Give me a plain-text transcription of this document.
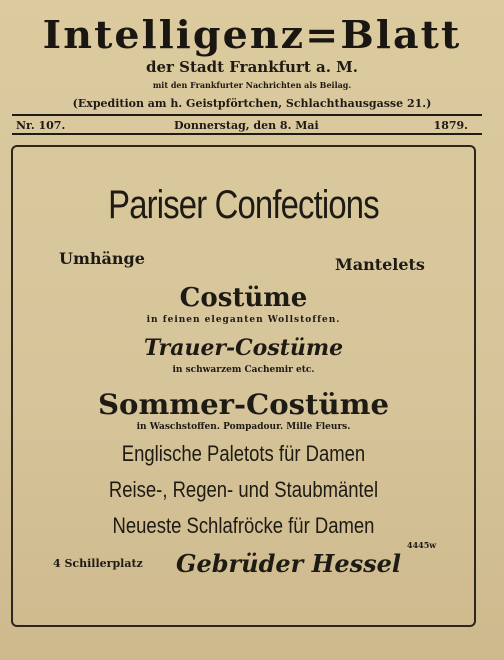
Intelligenz=Blatt
der Stadt Frankfurt a. M.
mit den Frankfurter Nachrichten als Beilag.
(Expedition am h. Geistpförtchen, Schlachthausgasse 21.)
Nr. 107.	Donnerstag, den 8. Mai	1879.
Pariser Confections
Umhänge	Mantelets
Costüme
in feinen eleganten Wollstoffen.
Trauer-Costüme
in schwarzem Cachemir etc.
Sommer-Costüme
in Waschstoffen. Pompadour. Mille Fleurs.
Englische Paletots für Damen
Reise-, Regen- und Staubmäntel
Neueste Schlafröcke für Damen
4445w
4 Schillerplatz	Gebrüder Hessel
